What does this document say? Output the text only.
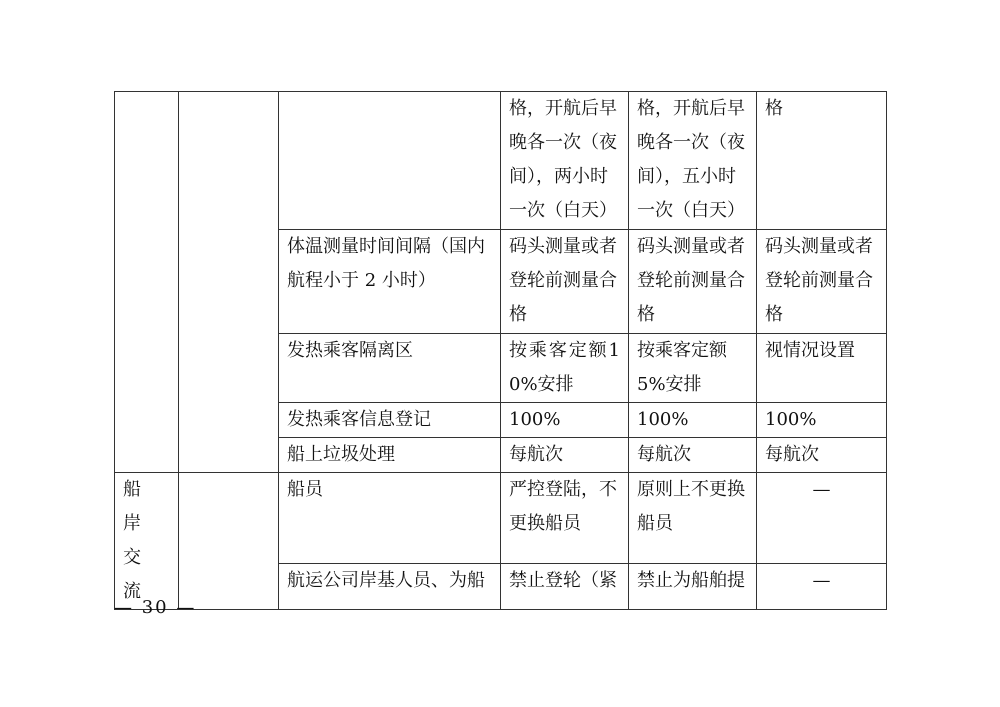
			格，开航后早晚各一次（夜间），两小时一次（白天）	格，开航后早晚各一次（夜间），五小时一次（白天）	格
		体温测量时间间隔（国内航程小于 2 小时）	码头测量或者登轮前测量合格	码头测量或者登轮前测量合格	码头测量或者登轮前测量合格
		发热乘客隔离区	按乘客定额10%安排	按乘客定额5%安排	视情况设置
		发热乘客信息登记	100%	100%	100%
		船上垃圾处理	每航次	每航次	每航次
船岸交流		船员	严控登陆，不更换船员	原则上不更换船员	—
		航运公司岸基人员、为船	禁止登轮（紧	禁止为船舶提	—
— 30 —
